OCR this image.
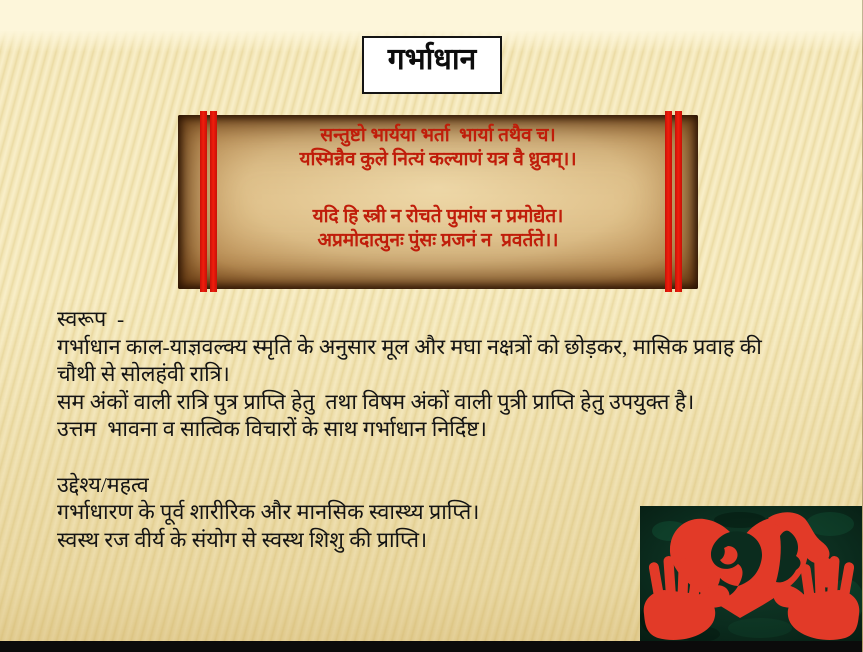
गर्भाधान
सन्तुष्टो भार्यया भर्ता  भार्या तथैव च।
यस्मिन्नैव कुले नित्यं कल्याणं यत्र वै ध्रुवम्।।
यदि हि स्त्री न रोचते पुमांस न प्रमोद्येत।
अप्रमोदात्पुनः पुंसः प्रजनं न  प्रवर्तते।।
स्वरूप  -
गर्भाधान काल-याज्ञवल्क्य स्मृति के अनुसार मूल और मघा नक्षत्रों को छोड़कर, मासिक प्रवाह की
चौथी से सोलहंवी रात्रि।
सम अंकों वाली रात्रि पुत्र प्राप्ति हेतु  तथा विषम अंकों वाली पुत्री प्राप्ति हेतु उपयुक्त है।
उत्तम  भावना व सात्विक विचारों के साथ गर्भाधान निर्दिष्ट।
उद्देश्य/महत्व
गर्भाधारण के पूर्व शारीरिक और मानसिक स्वास्थ्य प्राप्ति।
स्वस्थ रज वीर्य के संयोग से स्वस्थ शिशु की प्राप्ति।
